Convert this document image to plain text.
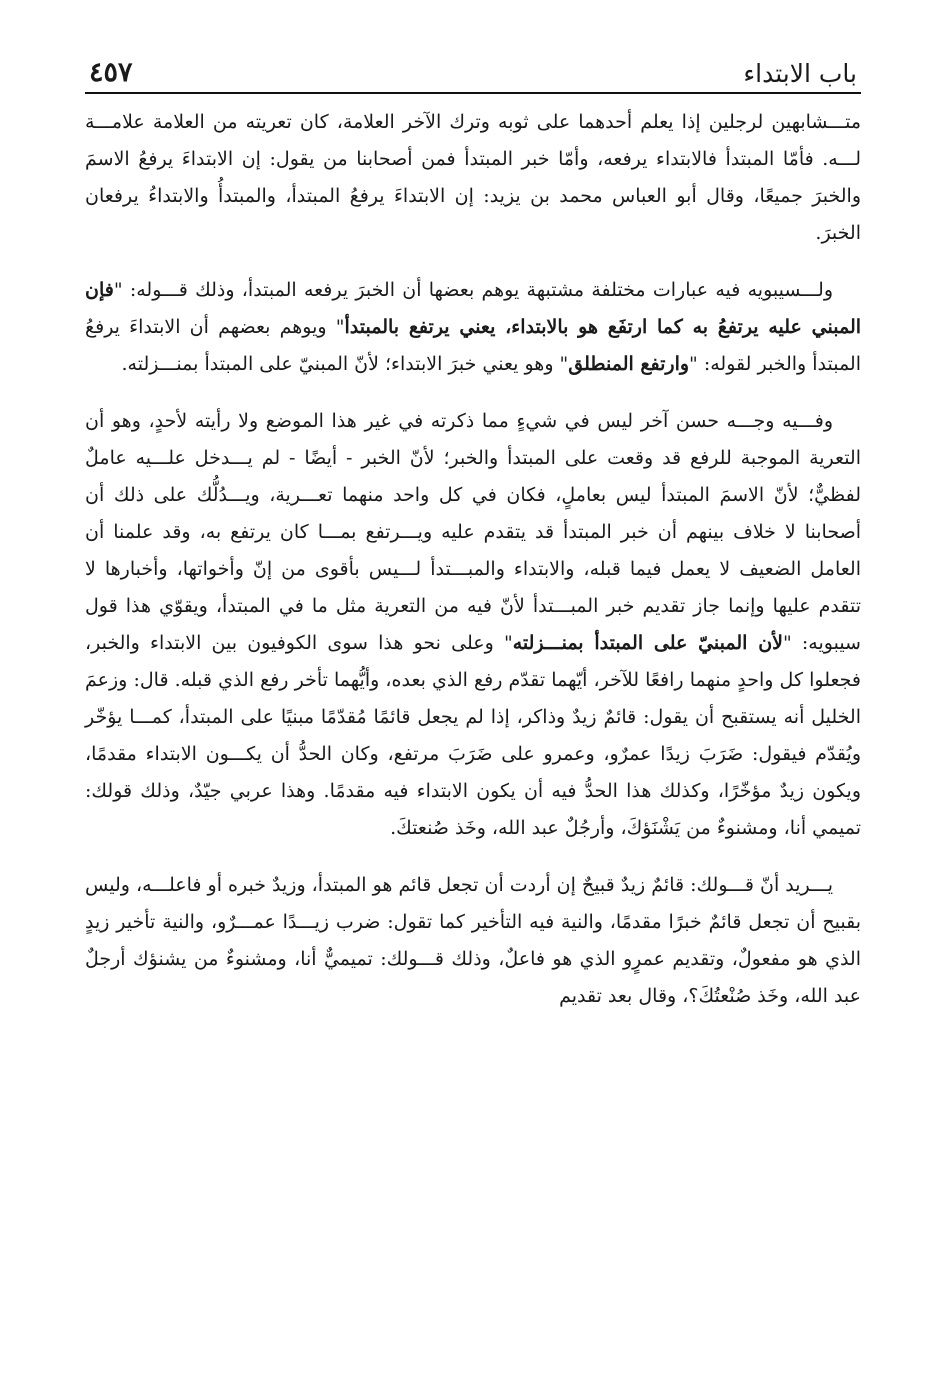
باب الابتداء
٤٥٧

متـــشابهين لرجلين إذا يعلم أحدهما على ثوبه وترك الآخر العلامة، كان تعريته من العلامة علامـــة لـــه. فأمّا المبتدأ فالابتداء يرفعه، وأمّا خبر المبتدأ فمن أصحابنا من يقول: إن الابتداءَ يرفعُ الاسمَ والخبرَ جميعًا، وقال أبو العباس محمد بن يزيد: إن الابتداءَ يرفعُ المبتدأ، والمبتدأُ والابتداءُ يرفعان الخبرَ.

ولـــسيبويه فيه عبارات مختلفة مشتبهة يوهم بعضها أن الخبرَ يرفعه المبتدأ، وذلك قـــوله: "فإن المبني عليه يرتفعُ به كما ارتفَع هو بالابتداء، يعني يرتفع بالمبتدأ" ويوهم بعضهم أن الابتداءَ يرفعُ المبتدأ والخبر لقوله: "وارتفع المنطلق" وهو يعني خبرَ الابتداء؛ لأنّ المبنيّ على المبتدأ بمنـــزلته.

وفـــيه وجـــه حسن آخر ليس في شيءٍ مما ذكرته في غير هذا الموضع ولا رأيته لأحدٍ، وهو أن التعرية الموجبة للرفع قد وقعت على المبتدأ والخبر؛ لأنّ الخبر - أيضًا - لم يـــدخل علـــيه عاملٌ لفظيٌّ؛ لأنّ الاسمَ المبتدأ ليس بعاملٍ، فكان في كل واحد منهما تعـــرية، ويـــدُلُّك على ذلك أن أصحابنا لا خلاف بينهم أن خبر المبتدأ قد يتقدم عليه ويـــرتفع بمـــا كان يرتفع به، وقد علمنا أن العامل الضعيف لا يعمل فيما قبله، والابتداء والمبـــتدأ لـــيس بأقوى من إنّ وأخواتها، وأخبارها لا تتقدم عليها وإنما جاز تقديم خبر المبـــتدأ لأنّ فيه من التعرية مثل ما في المبتدأ، ويقوّي هذا قول سيبويه: "لأن المبنيّ على المبتدأ بمنـــزلته" وعلى نحو هذا سوى الكوفيون بين الابتداء والخبر، فجعلوا كل واحدٍ منهما رافعًا للآخر، أيّهما تقدّم رفع الذي بعده، وأيُّهما تأخر رفع الذي قبله. قال: وزعمَ الخليل أنه يستقبح أن يقول: قائمٌ زيدٌ وذاكر، إذا لم يجعل قائمًا مُقدّمًا مبنيًا على المبتدأ، كمـــا يؤخّر ويُقدّم فيقول: ضَرَبَ زيدًا عمرٌو، وعمرو على ضَرَبَ مرتفع، وكان الحدُّ أن يكـــون الابتداء مقدمًا، ويكون زيدٌ مؤخّرًا، وكذلك هذا الحدُّ فيه أن يكون الابتداء فيه مقدمًا. وهذا عربي جيّدٌ، وذلك قولك: تميمي أنا، ومشنوءٌ من يَشْنَؤكَ، وأرجُلٌ عبد الله، وخَذ صُنعتكَ.

يـــريد أنّ قـــولك: قائمٌ زيدٌ قبيحٌ إن أردت أن تجعل قائم هو المبتدأ، وزيدٌ خبره أو فاعلـــه، وليس بقبيح أن تجعل قائمٌ خبرًا مقدمًا، والنية فيه التأخير كما تقول: ضرب زيـــدًا عمـــرٌو، والنية تأخير زيدٍ الذي هو مفعولٌ، وتقديم عمرٍو الذي هو فاعلٌ، وذلك قـــولك: تميميٌّ أنا، ومشنوءٌ من يشنؤك أرجلٌ عبد الله، وخَذ صُنْعتُكَ؟، وقال بعد تقديم
